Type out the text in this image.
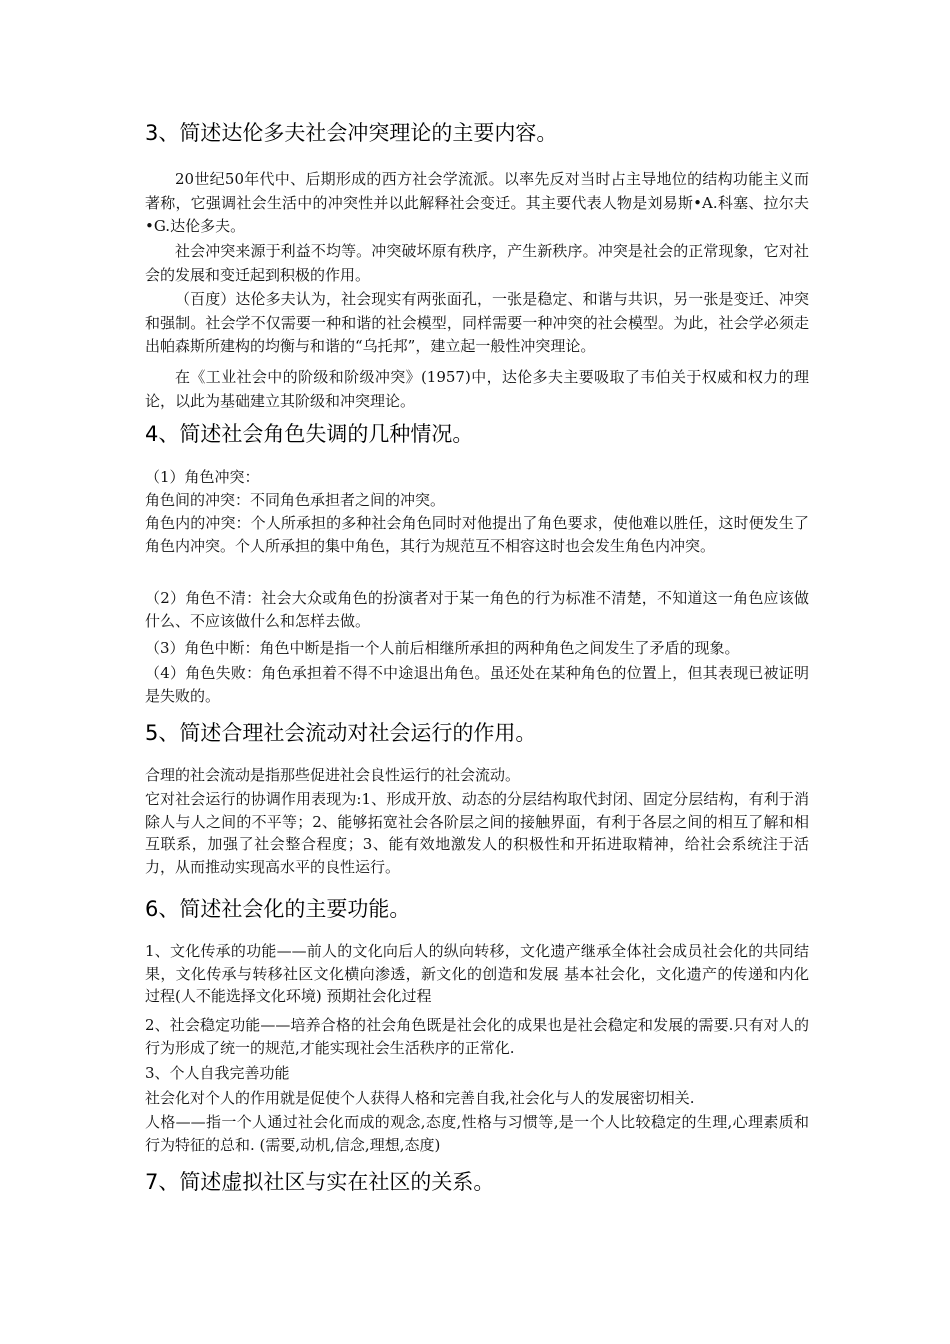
3、简述达伦多夫社会冲突理论的主要内容。

20世纪50年代中、后期形成的西方社会学流派。以率先反对当时占主导地位的结构功能主义而著称，它强调社会生活中的冲突性并以此解释社会变迁。其主要代表人物是刘易斯•A.科塞、拉尔夫•G.达伦多夫。

社会冲突来源于利益不均等。冲突破坏原有秩序，产生新秩序。冲突是社会的正常现象，它对社会的发展和变迁起到积极的作用。

（百度）达伦多夫认为，社会现实有两张面孔，一张是稳定、和谐与共识，另一张是变迁、冲突和强制。社会学不仅需要一种和谐的社会模型，同样需要一种冲突的社会模型。为此，社会学必须走出帕森斯所建构的均衡与和谐的“乌托邦”，建立起一般性冲突理论。

在《工业社会中的阶级和阶级冲突》(1957)中，达伦多夫主要吸取了韦伯关于权威和权力的理论，以此为基础建立其阶级和冲突理论。

4、简述社会角色失调的几种情况。

（1）角色冲突：

角色间的冲突：不同角色承担者之间的冲突。

角色内的冲突：个人所承担的多种社会角色同时对他提出了角色要求，使他难以胜任，这时便发生了角色内冲突。个人所承担的集中角色，其行为规范互不相容这时也会发生角色内冲突。

（2）角色不清：社会大众或角色的扮演者对于某一角色的行为标准不清楚，不知道这一角色应该做什么、不应该做什么和怎样去做。

（3）角色中断：角色中断是指一个人前后相继所承担的两种角色之间发生了矛盾的现象。

（4）角色失败：角色承担着不得不中途退出角色。虽还处在某种角色的位置上，但其表现已被证明是失败的。

5、简述合理社会流动对社会运行的作用。

合理的社会流动是指那些促进社会良性运行的社会流动。

它对社会运行的协调作用表现为:1、形成开放、动态的分层结构取代封闭、固定分层结构，有利于消除人与人之间的不平等；2、能够拓宽社会各阶层之间的接触界面，有利于各层之间的相互了解和相互联系，加强了社会整合程度；3、能有效地激发人的积极性和开拓进取精神，给社会系统注于活力，从而推动实现高水平的良性运行。

6、简述社会化的主要功能。

1、文化传承的功能——前人的文化向后人的纵向转移，文化遗产继承全体社会成员社会化的共同结果，文化传承与转移社区文化横向渗透，新文化的创造和发展 基本社会化，文化遗产的传递和内化过程(人不能选择文化环境) 预期社会化过程

2、社会稳定功能——培养合格的社会角色既是社会化的成果也是社会稳定和发展的需要.只有对人的行为形成了统一的规范,才能实现社会生活秩序的正常化.

3、个人自我完善功能

社会化对个人的作用就是促使个人获得人格和完善自我,社会化与人的发展密切相关.

人格——指一个人通过社会化而成的观念,态度,性格与习惯等,是一个人比较稳定的生理,心理素质和行为特征的总和. (需要,动机,信念,理想,态度)

7、简述虚拟社区与实在社区的关系。
